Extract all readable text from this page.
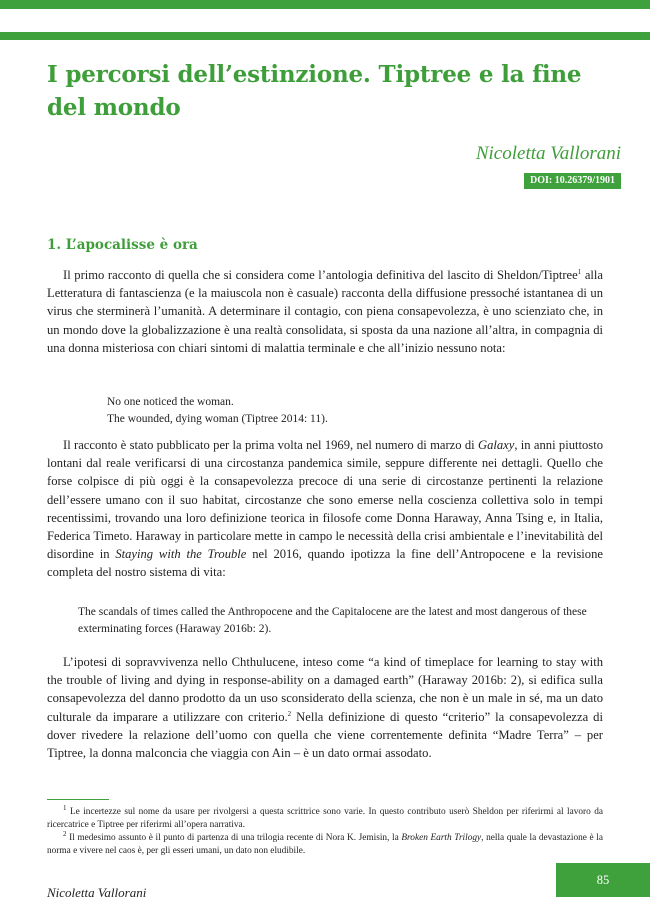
I percorsi dell’estinzione. Tiptree e la fine del mondo

Nicoletta Vallorani

DOI: 10.26379/1901
1. L’apocalisse è ora

Il primo racconto di quella che si considera come l’antologia definitiva del lascito di Sheldon/Tiptree$^1$ alla Letteratura di fantascienza (e la maiuscola non è casuale) racconta della diffusione pressoché istantanea di un virus che sterminerà l’umanità. A determinare il contagio, con piena consapevolezza, è uno scienziato che, in un mondo dove la globalizzazione è una realtà consolidata, si sposta da una nazione all’altra, in compagnia di una donna misteriosa con chiari sintomi di malattia terminale e che all’inizio nessuno nota:

No one noticed the woman.
The wounded, dying woman (Tiptree 2014: 11).

Il racconto è stato pubblicato per la prima volta nel 1969, nel numero di marzo di Galaxy, in anni piuttosto lontani dal reale verificarsi di una circostanza pandemica simile, seppure differente nei dettagli. Quello che forse colpisce di più oggi è la consapevolezza precoce di una serie di circostanze pertinenti la relazione dell’essere umano con il suo habitat, circostanze che sono emerse nella coscienza collettiva solo in tempi recentissimi, trovando una loro definizione teorica in filosofe come Donna Haraway, Anna Tsing e, in Italia, Federica Timeto. Haraway in particolare mette in campo le necessità della crisi ambientale e l’inevitabilità del disordine in Staying with the Trouble nel 2016, quando ipotizza la fine dell’Antropocene e la revisione completa del nostro sistema di vita:

The scandals of times called the Anthropocene and the Capitalocene are the latest and most dangerous of these exterminating forces (Haraway 2016b: 2).

L’ipotesi di sopravvivenza nello Chthulucene, inteso come “a kind of timeplace for learning to stay with the trouble of living and dying in response-ability on a damaged earth” (Haraway 2016b: 2), si edifica sulla consapevolezza del danno prodotto da un uso sconsiderato della scienza, che non è un male in sé, ma un dato culturale da imparare a utilizzare con criterio.$^2$ Nella definizione di questo “criterio” la consapevolezza di dover rivedere la relazione dell’uomo con quella che viene correntemente definita “Madre Terra” – per Tiptree, la donna malconcia che viaggia con Ain – è un dato ormai assodato.

$^1$ Le incertezze sul nome da usare per rivolgersi a questa scrittrice sono varie. In questo contributo userò Sheldon per riferirmi al lavoro da ricercatrice e Tiptree per riferirmi all’opera narrativa.

$^2$ Il medesimo assunto è il punto di partenza di una trilogia recente di Nora K. Jemisin, la Broken Earth Trilogy, nella quale la devastazione è la norma e vivere nel caos è, per gli esseri umani, un dato non eludibile.

Nicoletta Vallorani

85
